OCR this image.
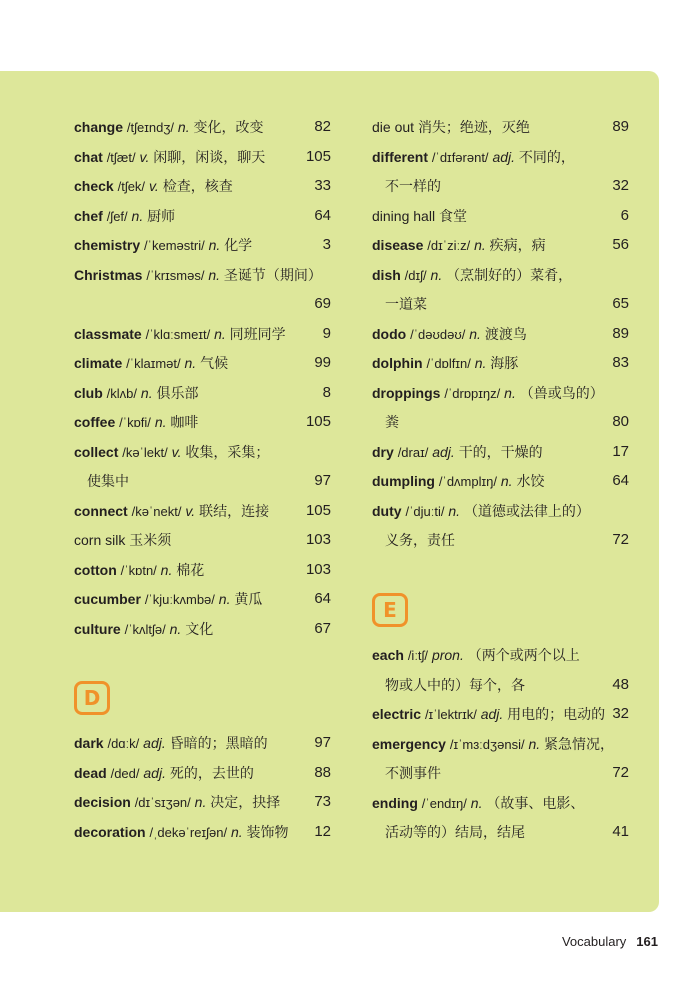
change /tʃeɪndʒ/ n. 变化，改变	82
chat /tʃæt/ v. 闲聊，闲谈，聊天	105
check /tʃek/ v. 检查，核查	33
chef /ʃef/ n. 厨师	64
chemistry /ˈkeməstri/ n. 化学	3
Christmas /ˈkrɪsməs/ n. 圣诞节（期间）
69
classmate /ˈklɑːsmeɪt/ n. 同班同学 9
climate /ˈklaɪmət/ n. 气候	99
club /klʌb/ n. 俱乐部	8
coffee /ˈkɒfi/ n. 咖啡	105
collect /kəˈlekt/ v. 收集，采集；
使集中	97
connect /kəˈnekt/ v. 联结，连接 105
corn silk 玉米须	103
cotton /ˈkɒtn/ n. 棉花	103
cucumber /ˈkjuːkʌmbə/ n. 黄瓜	64
culture /ˈkʌltʃə/ n. 文化	67
D
dark /dɑːk/ adj. 昏暗的；黑暗的	97
dead /ded/ adj. 死的，去世的	88
decision /dɪˈsɪʒən/ n. 决定，抉择 73
decoration /ˌdekəˈreɪʃən/ n. 装饰物 12
die out 消失；绝迹，灭绝	89
different /ˈdɪfərənt/ adj. 不同的，
不一样的	32
dining hall 食堂	6
disease /dɪˈziːz/ n. 疾病，病	56
dish /dɪʃ/ n. （烹制好的）菜肴，
一道菜	65
dodo /ˈdəʊdəʊ/ n. 渡渡鸟	89
dolphin /ˈdɒlfɪn/ n. 海豚	83
droppings /ˈdrɒpɪŋz/ n. （兽或鸟的）
粪	80
dry /draɪ/ adj. 干的，干燥的	17
dumpling /ˈdʌmplɪŋ/ n. 水饺	64
duty /ˈdjuːti/ n. （道德或法律上的）
义务，责任	72
E
each /iːtʃ/ pron. （两个或两个以上
物或人中的）每个，各	48
electric /ɪˈlektrɪk/ adj. 用电的；电动的 32
emergency /ɪˈmɜːdʒənsi/ n. 紧急情况，
不测事件	72
ending /ˈendɪŋ/ n. （故事、电影、
活动等的）结局，结尾	41
Vocabulary 161
